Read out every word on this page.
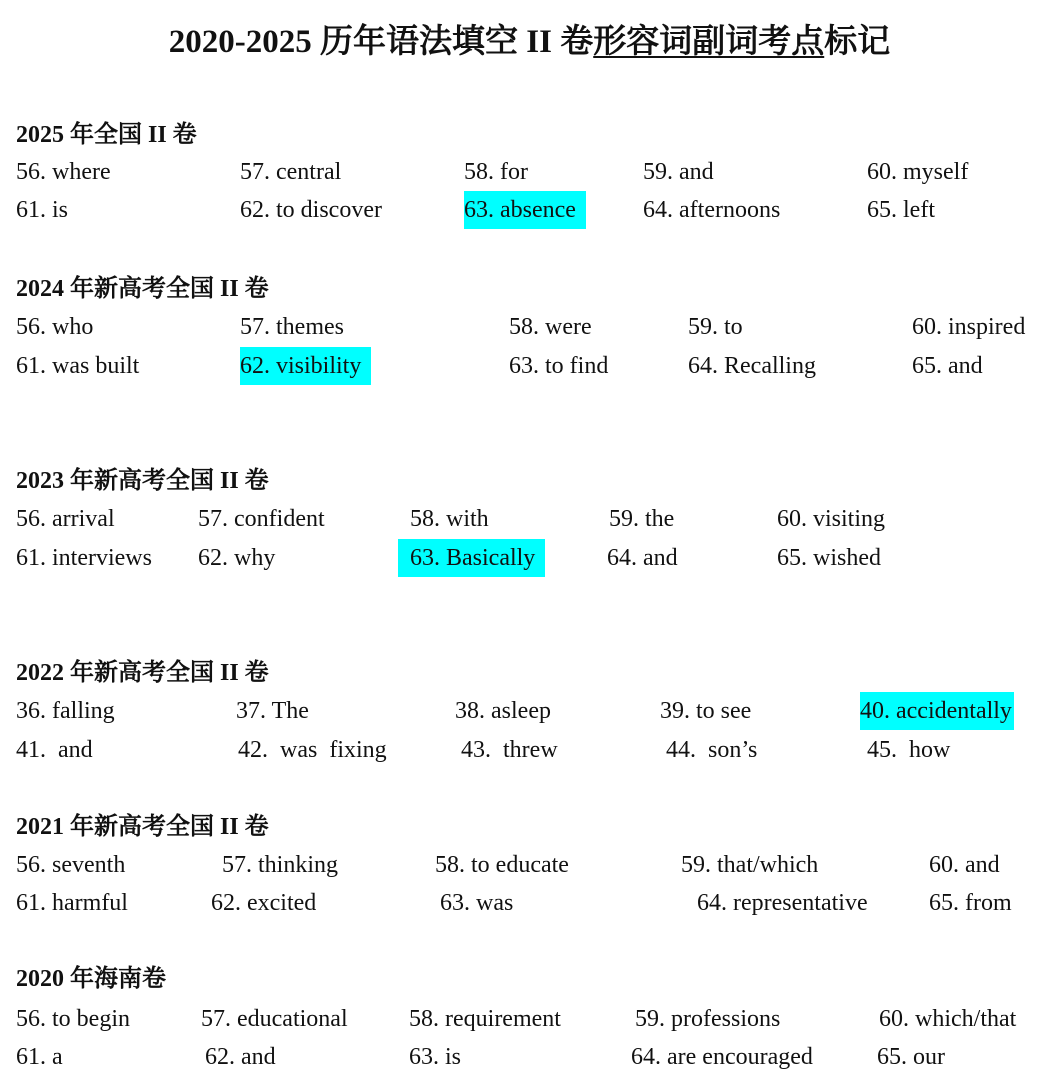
2020-2025 历年语法填空 II 卷形容词副词考点标记
2025 年全国 II 卷
56. where	57. central	58. for	59. and	60. myself
61. is	62. to discover	63. absence	64. afternoons	65. left
2024 年新高考全国 II 卷
56. who	57. themes	58. were	59. to	60. inspired
61. was built	62. visibility	63. to find	64. Recalling	65. and
2023 年新高考全国 II 卷
56. arrival	57. confident	58. with	59. the	60. visiting
61. interviews 62. why	63. Basically	64. and	65. wished
2022 年新高考全国 II 卷
36. falling	37. The	38. asleep	39. to see	40. accidentally
41.  and	42.  was  fixing	43.  threw	44.  son’s	45.  how
2021 年新高考全国 II 卷
56. seventh	57. thinking	58. to educate	59. that/which	60. and
61. harmful	62. excited	63. was	64. representative	65. from
2020 年海南卷
56. to begin	57. educational	58. requirement	59. professions	60. which/that
61. a	62. and	63. is	64. are encouraged	65. our
